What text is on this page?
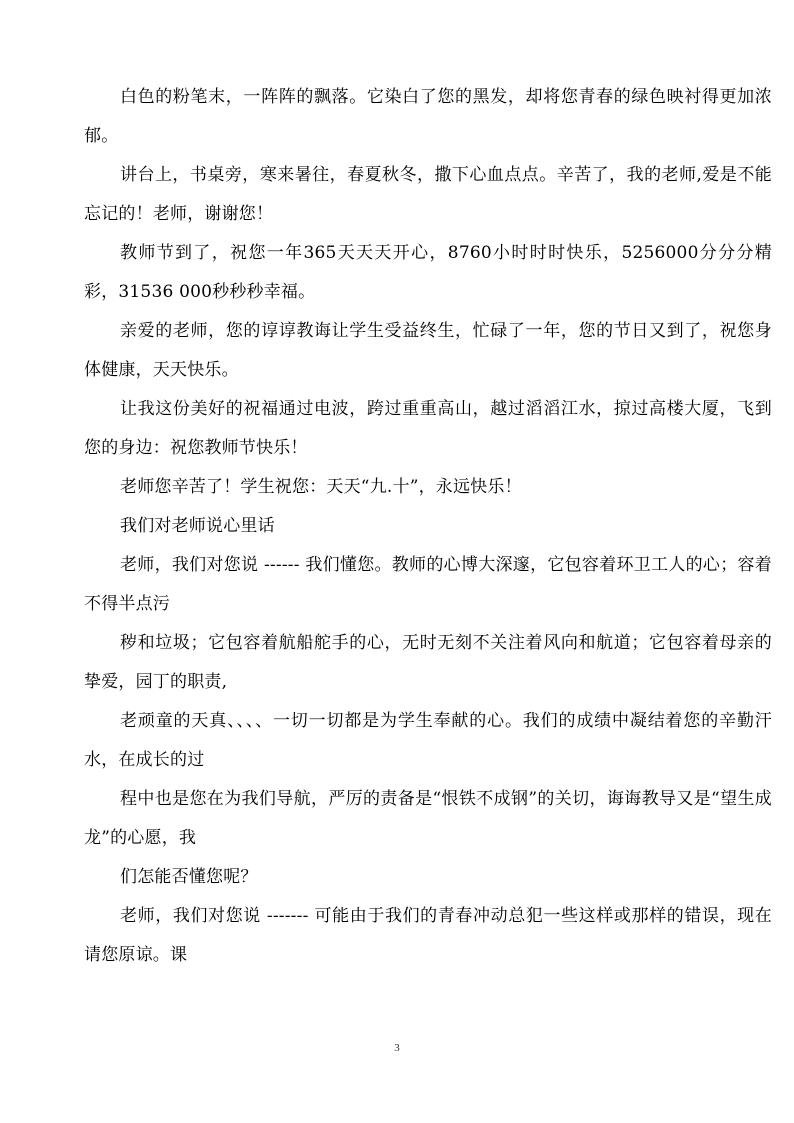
白色的粉笔末，一阵阵的飘落。它染白了您的黑发，却将您青春的绿色映衬得更加浓郁。

讲台上，书桌旁，寒来暑往，春夏秋冬，撒下心血点点。辛苦了，我的老师,爱是不能忘记的！老师，谢谢您！

教师节到了，祝您一年365天天天开心，8760小时时时快乐，5256000分分分精彩，31536 000秒秒秒幸福。

亲爱的老师，您的谆谆教诲让学生受益终生，忙碌了一年，您的节日又到了，祝您身体健康，天天快乐。

让我这份美好的祝福通过电波，跨过重重高山，越过滔滔江水，掠过高楼大厦，飞到您的身边：祝您教师节快乐！

老师您辛苦了！学生祝您：天天“九.十”，永远快乐！

我们对老师说心里话

老师，我们对您说 ------ 我们懂您。教师的心博大深邃，它包容着环卫工人的心；容着不得半点污

秽和垃圾；它包容着航船舵手的心，无时无刻不关注着风向和航道；它包容着母亲的挚爱，园丁的职责,

老顽童的天真、、、、一切一切都是为学生奉献的心。我们的成绩中凝结着您的辛勤汗水，在成长的过

程中也是您在为我们导航，严厉的责备是“恨铁不成钢”的关切，诲诲教导又是“望生成龙”的心愿，我

们怎能否懂您呢？

老师，我们对您说 ------- 可能由于我们的青春冲动总犯一些这样或那样的错误，现在请您原谅。课

3
